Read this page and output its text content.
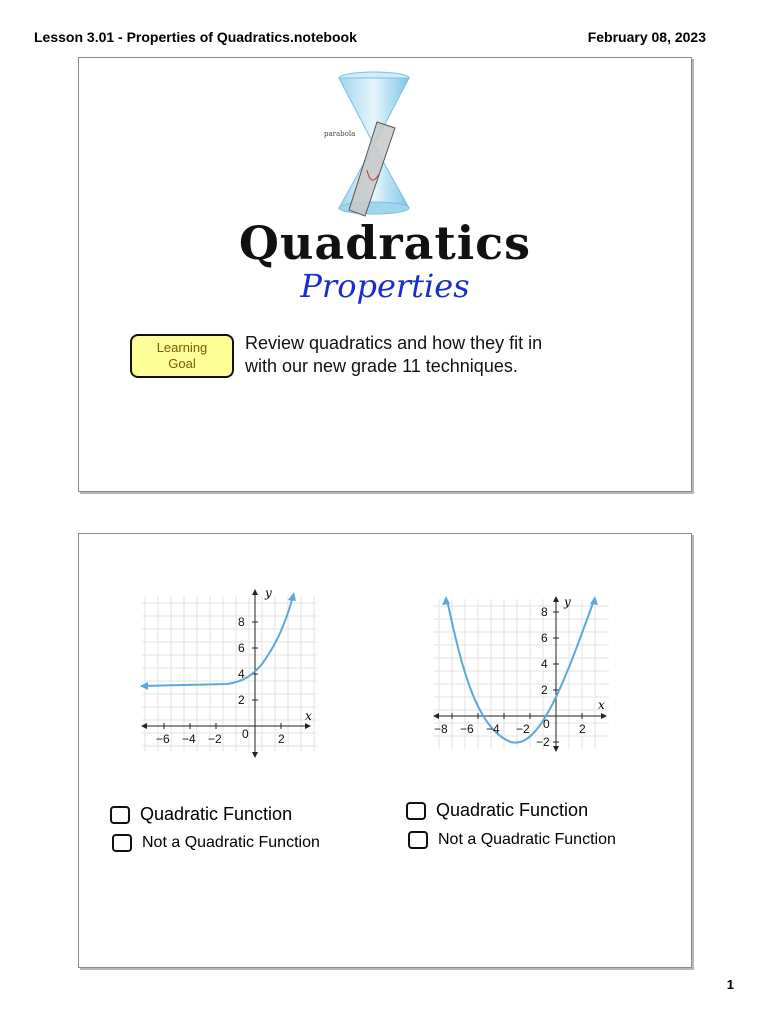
Lesson 3.01 - Properties of Quadratics.notebook	February 08, 2023
parabola
Quadratics
Properties
Learning
Goal
Review quadratics and how they fit in
with our new grade 11 techniques.
y
x
−6 −4 −2 0 2
8
6
4
2
y
x
−8 −6 −4 −2 0 2
8
6
4
2
−2
Quadratic Function
Not a Quadratic Function
Quadratic Function
Not a Quadratic Function
1
